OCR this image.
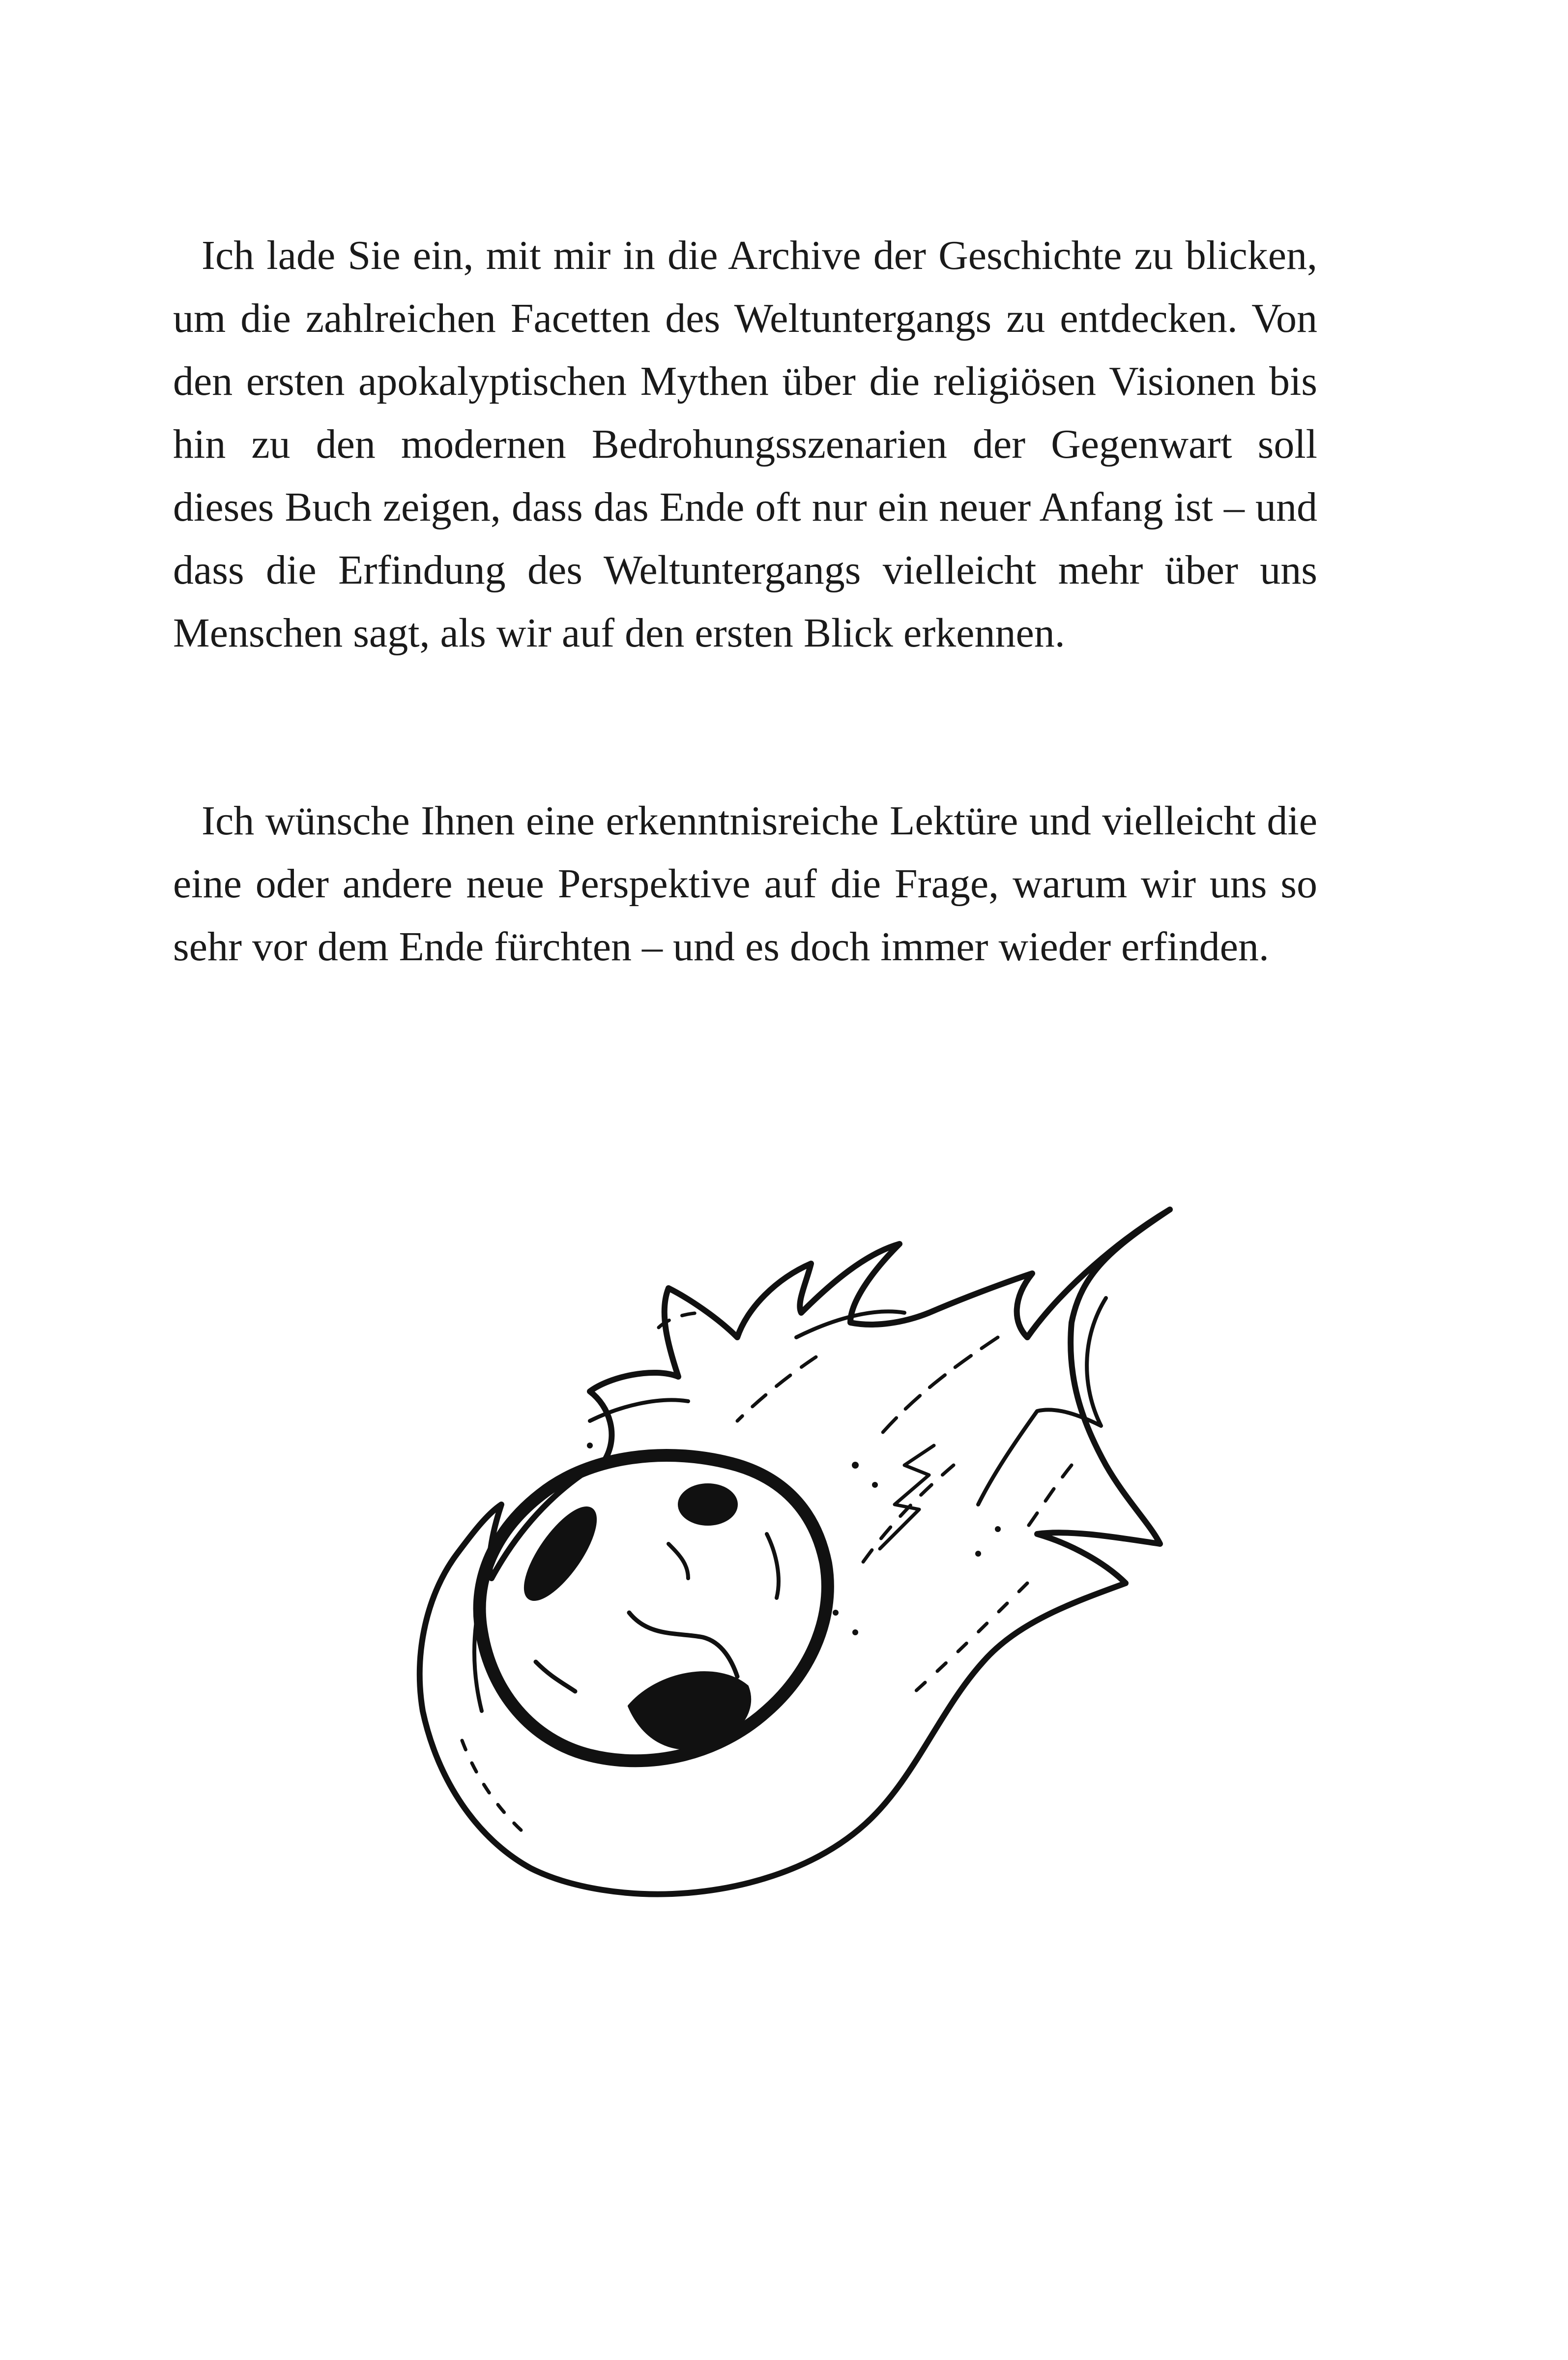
Ich lade Sie ein, mit mir in die Archive der Geschichte zu blicken, um die zahlreichen Facetten des Weltuntergangs zu entdecken. Von den ersten apokalyptischen Mythen über die religiösen Visionen bis hin zu den modernen Bedrohungsszenarien der Gegenwart soll dieses Buch zeigen, dass das Ende oft nur ein neuer Anfang ist – und dass die Erfindung des Weltuntergangs vielleicht mehr über uns Menschen sagt, als wir auf den ersten Blick erkennen.

Ich wünsche Ihnen eine erkenntnisreiche Lektüre und vielleicht die eine oder andere neue Perspektive auf die Frage, warum wir uns so sehr vor dem Ende fürchten – und es doch immer wieder erfinden.
